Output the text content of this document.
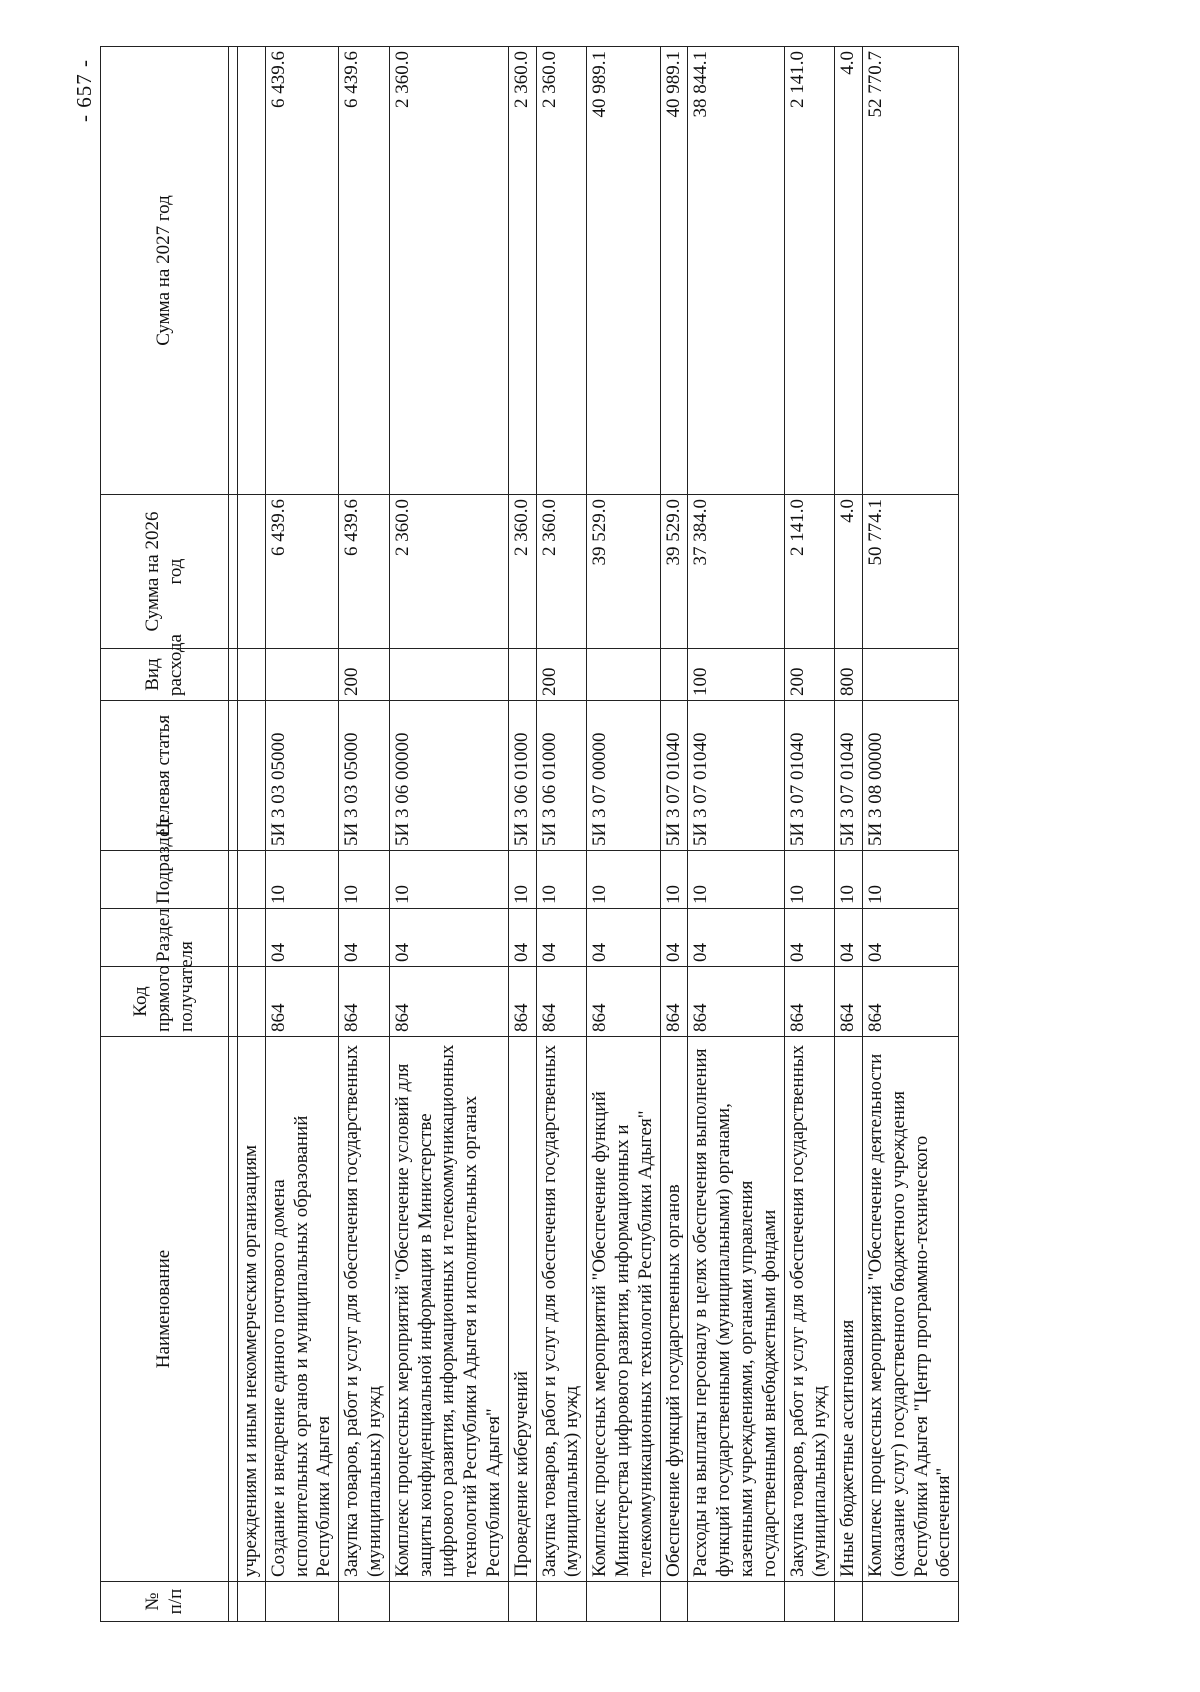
- 657 -
№ п/п	Наименование	Код прямого получателя	Раздел	Подраздел	Целевая статья	Вид расхода	Сумма на 2026 год	Сумма на 2027 год

	учреждениям и иным некоммерческим организациям							
	Создание и внедрение единого почтового домена исполнительных органов и муниципальных образований Республики Адыгея	864	04	10	5И 3 03 05000		6 439.6	6 439.6
	Закупка товаров, работ и услуг для обеспечения государственных (муниципальных) нужд	864	04	10	5И 3 03 05000	200	6 439.6	6 439.6
	Комплекс процессных мероприятий "Обеспечение условий для защиты конфиденциальной информации в Министерстве цифрового развития, информационных и телекоммуникационных технологий Республики Адыгея и исполнительных органах Республики Адыгея"	864	04	10	5И 3 06 00000		2 360.0	2 360.0
	Проведение киберучений	864	04	10	5И 3 06 01000		2 360.0	2 360.0
	Закупка товаров, работ и услуг для обеспечения государственных (муниципальных) нужд	864	04	10	5И 3 06 01000	200	2 360.0	2 360.0
	Комплекс процессных мероприятий "Обеспечение функций Министерства цифрового развития, информационных и телекоммуникационных технологий Республики Адыгея"	864	04	10	5И 3 07 00000		39 529.0	40 989.1
	Обеспечение функций государственных органов	864	04	10	5И 3 07 01040		39 529.0	40 989.1
	Расходы на выплаты персоналу в целях обеспечения выполнения функций государственными (муниципальными) органами, казенными учреждениями, органами управления государственными внебюджетными фондами	864	04	10	5И 3 07 01040	100	37 384.0	38 844.1
	Закупка товаров, работ и услуг для обеспечения государственных (муниципальных) нужд	864	04	10	5И 3 07 01040	200	2 141.0	2 141.0
	Иные бюджетные ассигнования	864	04	10	5И 3 07 01040	800	4.0	4.0
	Комплекс процессных мероприятий "Обеспечение деятельности (оказание услуг) государственного бюджетного учреждения Республики Адыгея "Центр программно-технического обеспечения"	864	04	10	5И 3 08 00000		50 774.1	52 770.7
